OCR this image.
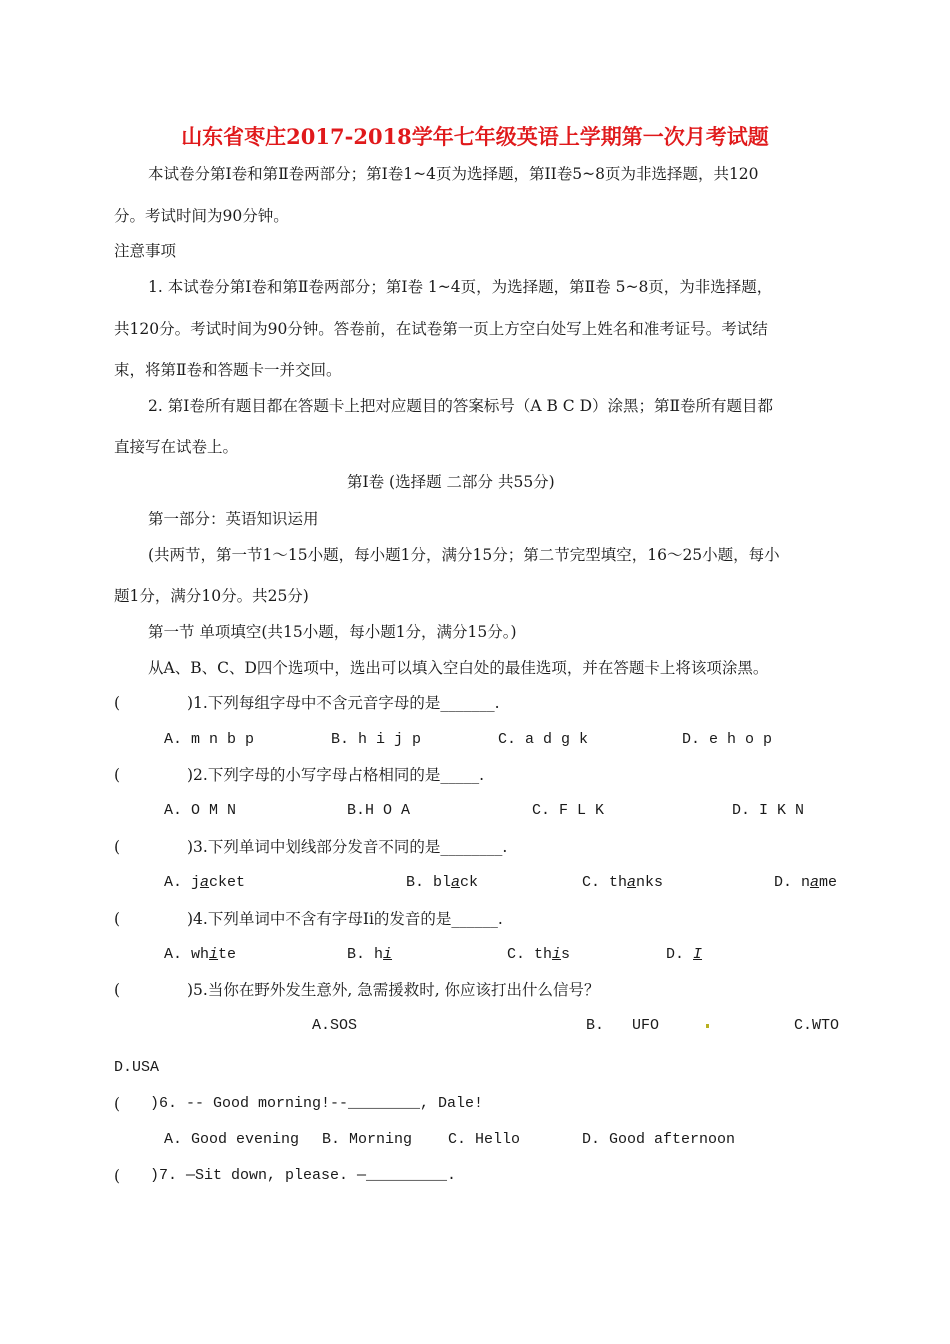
山东省枣庄2017-2018学年七年级英语上学期第一次月考试题
本试卷分第Ⅰ卷和第Ⅱ卷两部分；第Ⅰ卷1~4页为选择题，第II卷5~8页为非选择题，共120
分。考试时间为90分钟。
注意事项
1. 本试卷分第Ⅰ卷和第Ⅱ卷两部分；第Ⅰ卷 1~4页，为选择题，第Ⅱ卷 5~8页，为非选择题，
共120分。考试时间为90分钟。答卷前，在试卷第一页上方空白处写上姓名和准考证号。考试结
束，将第Ⅱ卷和答题卡一并交回。
2. 第Ⅰ卷所有题目都在答题卡上把对应题目的答案标号（A B C D）涂黑；第Ⅱ卷所有题目都
直接写在试卷上。
第Ⅰ卷 (选择题 二部分 共55分)
第一部分：英语知识运用
(共两节，第一节1～15小题，每小题1分，满分15分；第二节完型填空，16～25小题，每小
题1分，满分10分。共25分)
第一节 单项填空(共15小题，每小题1分，满分15分。)
从A、B、C、D四个选项中，选出可以填入空白处的最佳选项，并在答题卡上将该项涂黑。
(	)1.下列每组字母中不含元音字母的是_______.
A. m n b p	B. h i j p	C. a d g k	D. e h o p
(	)2.下列字母的小写字母占格相同的是_____.
A. O M N	B.H O A	C. F L K	D. I K N
(	)3.下列单词中划线部分发音不同的是________.
A. jacket	B. black	C. thanks	D. name
(	)4.下列单词中不含有字母Ii的发音的是______.
A. white	B. hi	C. this	D. I
(	)5.当你在野外发生意外, 急需援救时, 你应该打出什么信号？
A.SOS	B. UFO	C.WTO
D.USA
( )6. -- Good morning!--________, Dale!
A. Good evening B. Morning C. Hello	D. Good afternoon
( )7. —Sit down, please. —_________.
